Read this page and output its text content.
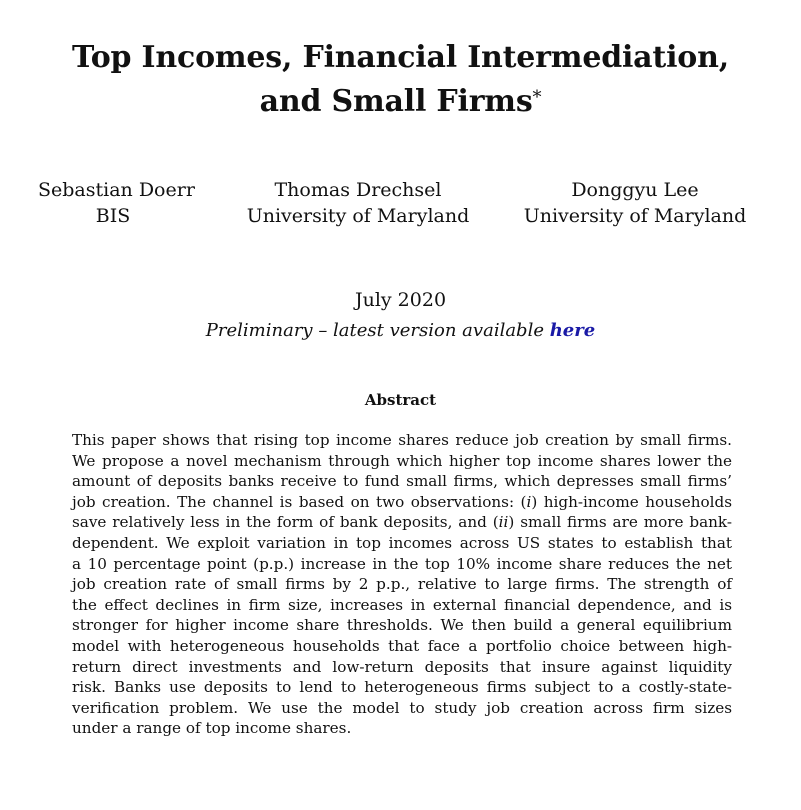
Top Incomes, Financial Intermediation,
and Small Firms*
Sebastian Doerr
BIS
Thomas Drechsel
University of Maryland
Donggyu Lee
University of Maryland
July 2020
Preliminary – latest version available here
Abstract
This paper shows that rising top income shares reduce job creation by small firms.
We propose a novel mechanism through which higher top income shares lower the
amount of deposits banks receive to fund small firms, which depresses small firms’
job creation. The channel is based on two observations: (i) high-income households
save relatively less in the form of bank deposits, and (ii) small firms are more bank-
dependent. We exploit variation in top incomes across US states to establish that
a 10 percentage point (p.p.) increase in the top 10% income share reduces the net
job creation rate of small firms by 2 p.p., relative to large firms. The strength of
the effect declines in firm size, increases in external financial dependence, and is
stronger for higher income share thresholds. We then build a general equilibrium
model with heterogeneous households that face a portfolio choice between high-
return direct investments and low-return deposits that insure against liquidity
risk. Banks use deposits to lend to heterogeneous firms subject to a costly-state-
verification problem. We use the model to study job creation across firm sizes
under a range of top income shares.
